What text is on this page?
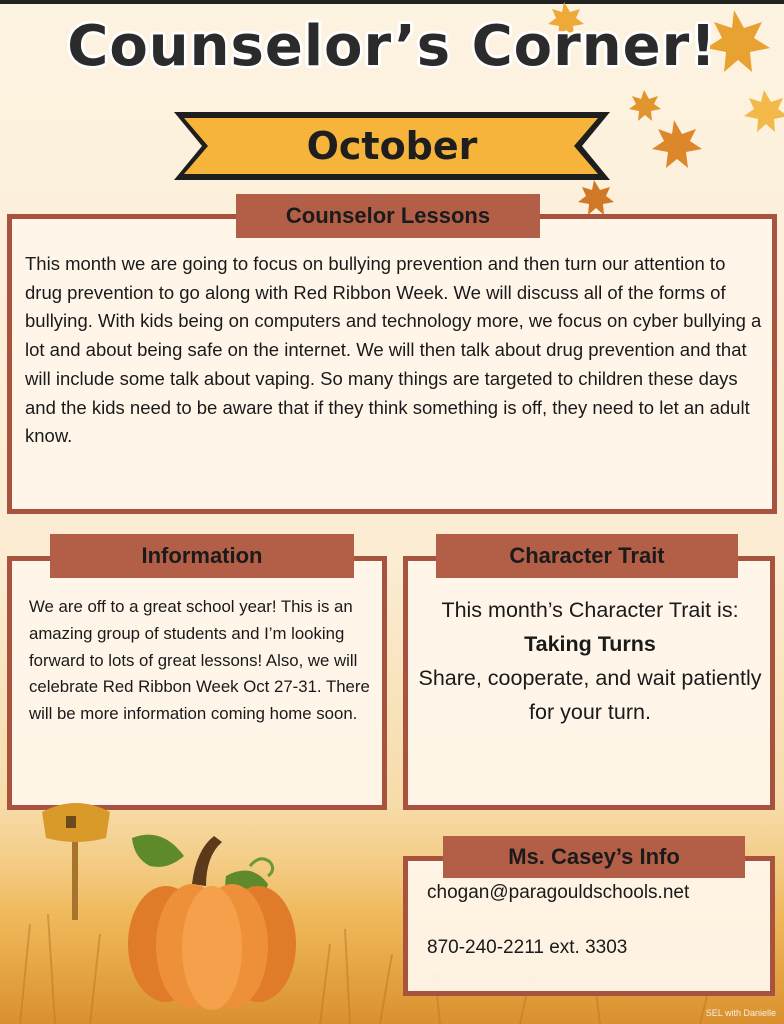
Counselor’s Corner!
October
Counselor Lessons
This month we are going to focus on bullying prevention and then turn our attention to drug prevention to go along with Red Ribbon Week. We will discuss all of the forms of bullying. With kids being on computers and technology more, we focus on cyber bullying a lot and about being safe on the internet. We will then talk about drug prevention and that will include some talk about vaping. So many things are targeted to children these days and the kids need to be aware that if they think something is off, they need to let an adult know.
Information
We are off to a great school year! This is an amazing group of students and I’m looking forward to lots of great lessons! Also, we will celebrate Red Ribbon Week Oct 27-31. There will be more information coming home soon.
Character Trait
This month’s Character Trait is:
Taking Turns
Share, cooperate, and wait patiently for your turn.
Ms. Casey’s Info
chogan@paragouldschools.net
870-240-2211 ext. 3303
SEL with Danielle
